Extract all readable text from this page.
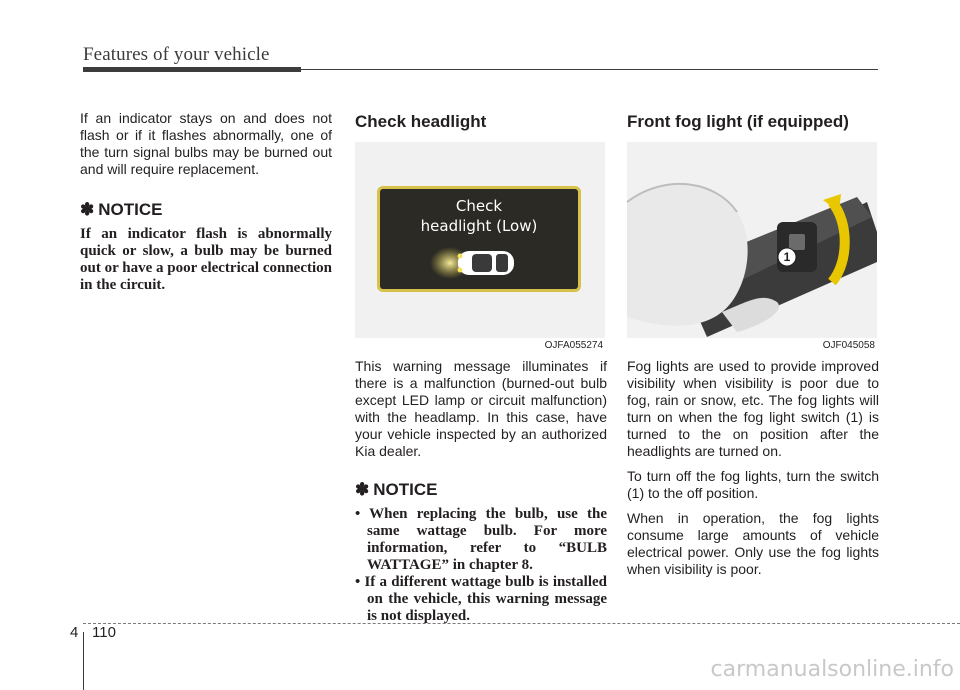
Features of your vehicle

If an indicator stays on and does not flash or if it flashes abnormally, one of the turn signal bulbs may be burned out and will require replacement.

✽ NOTICE

If an indicator flash is abnormally quick or slow, a bulb may be burned out or have a poor electrical connection in the circuit.

Check headlight
Check
headlight (Low)
OJFA055274

This warning message illuminates if there is a malfunction (burned-out bulb except LED lamp or circuit malfunction) with the headlamp. In this case, have your vehicle inspected by an authorized Kia dealer.

✽ NOTICE
• When replacing the bulb, use the same wattage bulb. For more information, refer to “BULB WATTAGE” in chapter 8.
• If a different wattage bulb is installed on the vehicle, this warning message is not displayed.
Front fog light (if equipped)
1
OJF045058

Fog lights are used to provide improved visibility when visibility is poor due to fog, rain or snow, etc. The fog lights will turn on when the fog light switch (1) is turned to the on position after the headlights are turned on.

To turn off the fog lights, turn the switch (1) to the off position.

When in operation, the fog lights consume large amounts of vehicle electrical power. Only use the fog lights when visibility is poor.

4 110
carmanualsonline.info
